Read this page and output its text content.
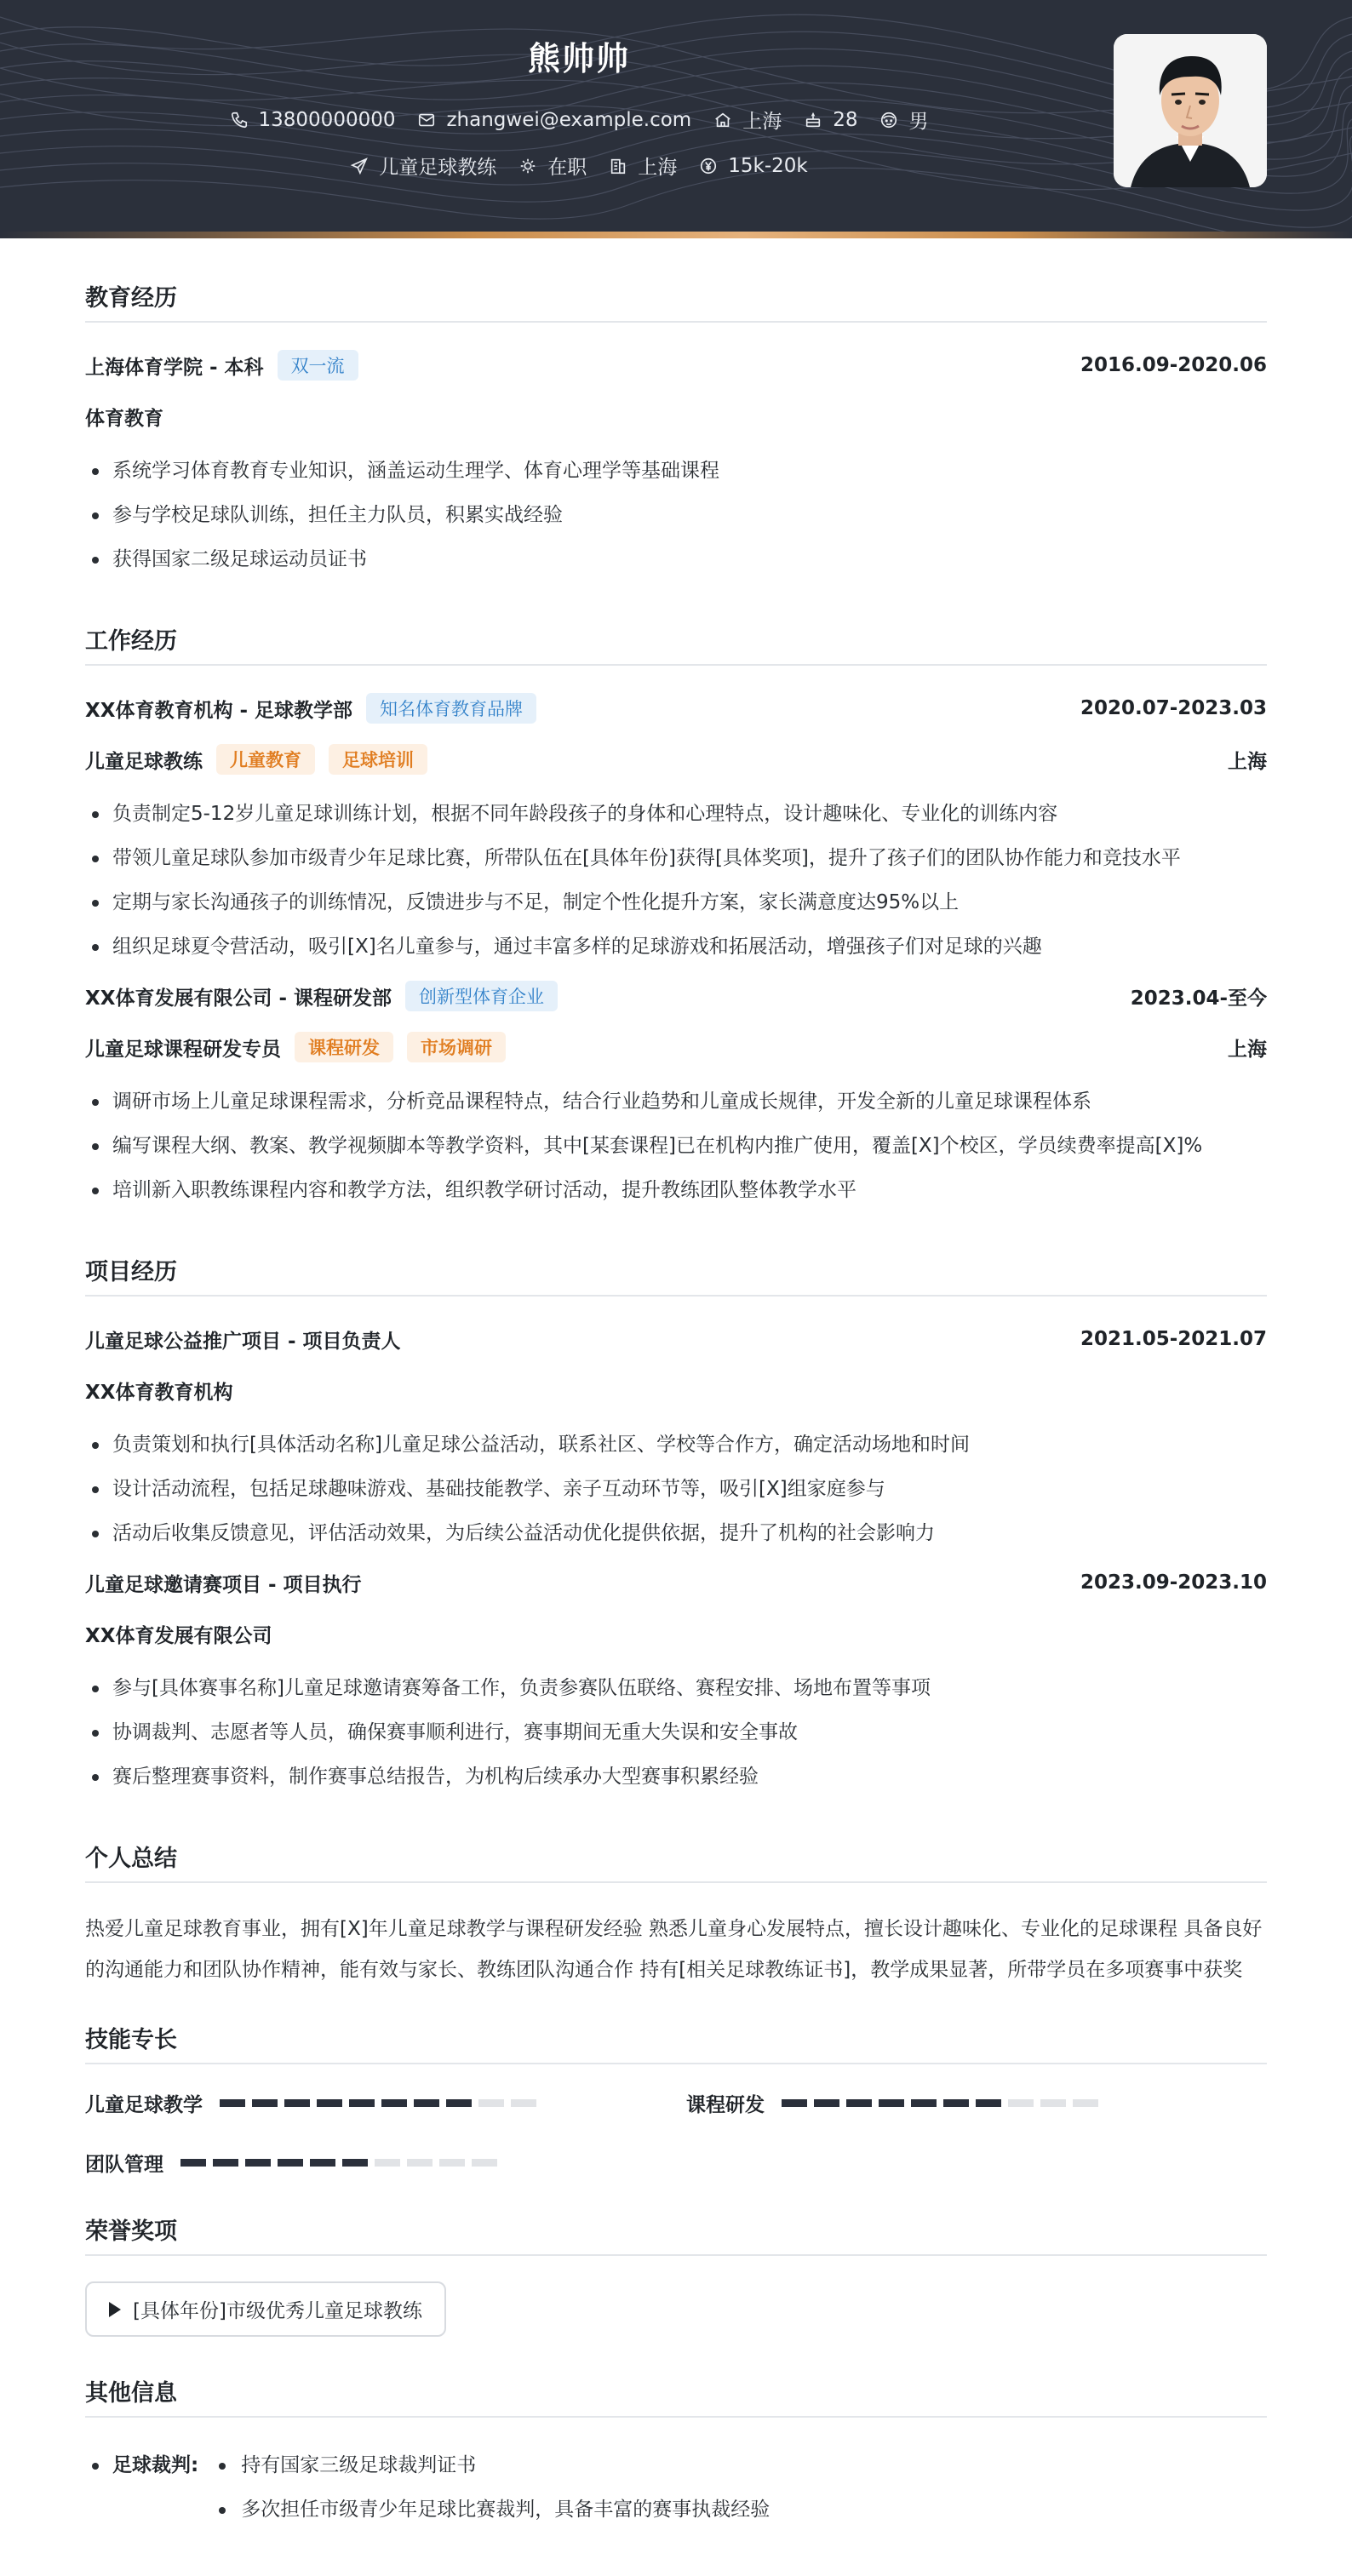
熊帅帅
13800000000	zhangwei@example.com	上海	28	男
儿童足球教练	在职	上海	15k-20k
教育经历
上海体育学院 - 本科	双一流	2016.09-2020.06
体育教育
系统学习体育教育专业知识，涵盖运动生理学、体育心理学等基础课程
参与学校足球队训练，担任主力队员，积累实战经验
获得国家二级足球运动员证书
工作经历
XX体育教育机构 - 足球教学部	知名体育教育品牌	2020.07-2023.03
儿童足球教练	儿童教育	足球培训	上海
负责制定5-12岁儿童足球训练计划，根据不同年龄段孩子的身体和心理特点，设计趣味化、专业化的训练内容
带领儿童足球队参加市级青少年足球比赛，所带队伍在[具体年份]获得[具体奖项]，提升了孩子们的团队协作能力和竞技水平
定期与家长沟通孩子的训练情况，反馈进步与不足，制定个性化提升方案，家长满意度达95%以上
组织足球夏令营活动，吸引[X]名儿童参与，通过丰富多样的足球游戏和拓展活动，增强孩子们对足球的兴趣
XX体育发展有限公司 - 课程研发部	创新型体育企业	2023.04-至今
儿童足球课程研发专员	课程研发	市场调研	上海
调研市场上儿童足球课程需求，分析竞品课程特点，结合行业趋势和儿童成长规律，开发全新的儿童足球课程体系
编写课程大纲、教案、教学视频脚本等教学资料，其中[某套课程]已在机构内推广使用，覆盖[X]个校区，学员续费率提高[X]%
培训新入职教练课程内容和教学方法，组织教学研讨活动，提升教练团队整体教学水平
项目经历
儿童足球公益推广项目 - 项目负责人	2021.05-2021.07
XX体育教育机构
负责策划和执行[具体活动名称]儿童足球公益活动，联系社区、学校等合作方，确定活动场地和时间
设计活动流程，包括足球趣味游戏、基础技能教学、亲子互动环节等，吸引[X]组家庭参与
活动后收集反馈意见，评估活动效果，为后续公益活动优化提供依据，提升了机构的社会影响力
儿童足球邀请赛项目 - 项目执行	2023.09-2023.10
XX体育发展有限公司
参与[具体赛事名称]儿童足球邀请赛筹备工作，负责参赛队伍联络、赛程安排、场地布置等事项
协调裁判、志愿者等人员，确保赛事顺利进行，赛事期间无重大失误和安全事故
赛后整理赛事资料，制作赛事总结报告，为机构后续承办大型赛事积累经验
个人总结
热爱儿童足球教育事业，拥有[X]年儿童足球教学与课程研发经验 熟悉儿童身心发展特点，擅长设计趣味化、专业化的足球课程 具备良好的沟通能力和团队协作精神，能有效与家长、教练团队沟通合作 持有[相关足球教练证书]，教学成果显著，所带学员在多项赛事中获奖
技能专长
儿童足球教学	课程研发
团队管理
荣誉奖项
[具体年份]市级优秀儿童足球教练
其他信息
足球裁判:	持有国家三级足球裁判证书
多次担任市级青少年足球比赛裁判，具备丰富的赛事执裁经验
